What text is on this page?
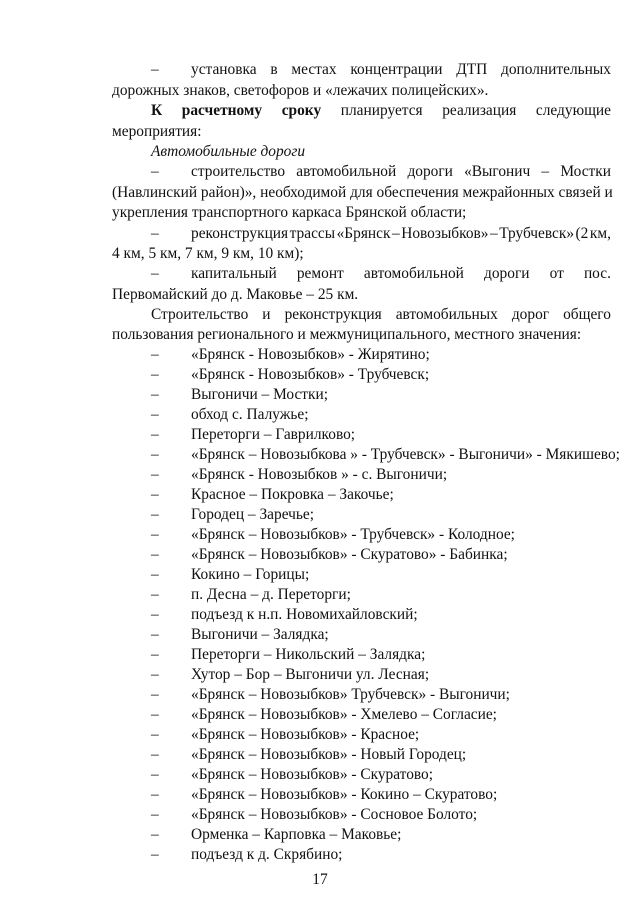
– установка в местах концентрации ДТП дополнительных
дорожных знаков, светофоров и «лежачих полицейских».
К расчетному сроку планируется реализация следующие
мероприятия:
Автомобильные дороги
– строительство автомобильной дороги «Выгонич – Мостки
(Навлинский район)», необходимой для обеспечения межрайонных связей и
укрепления транспортного каркаса Брянской области;
– реконструкция трассы «Брянск – Новозыбков» – Трубчевск» (2 км,
4 км, 5 км, 7 км, 9 км, 10 км);
– капитальный ремонт автомобильной дороги от пос.
Первомайский до д. Маковье – 25 км.
Строительство и реконструкция автомобильных дорог общего
пользования регионального и межмуниципального, местного значения:
– «Брянск - Новозыбков» - Жирятино;
– «Брянск - Новозыбков» - Трубчевск;
– Выгоничи – Мостки;
– обход с. Палужье;
– Переторги – Гаврилково;
– «Брянск – Новозыбкова » - Трубчевск» - Выгоничи» - Мякишево;
– «Брянск - Новозыбков » - с. Выгоничи;
– Красное – Покровка – Закочье;
– Городец – Заречье;
– «Брянск – Новозыбков» - Трубчевск» - Колодное;
– «Брянск – Новозыбков» - Скуратово» - Бабинка;
– Кокино – Горицы;
– п. Десна – д. Переторги;
– подъезд к н.п. Новомихайловский;
– Выгоничи – Залядка;
– Переторги – Никольский – Залядка;
– Хутор – Бор – Выгоничи ул. Лесная;
– «Брянск – Новозыбков» Трубчевск» - Выгоничи;
– «Брянск – Новозыбков» - Хмелево – Согласие;
– «Брянск – Новозыбков» - Красное;
– «Брянск – Новозыбков» - Новый Городец;
– «Брянск – Новозыбков» - Скуратово;
– «Брянск – Новозыбков» - Кокино – Скуратово;
– «Брянск – Новозыбков» - Сосновое Болото;
– Орменка – Карповка – Маковье;
– подъезд к д. Скрябино;
17
